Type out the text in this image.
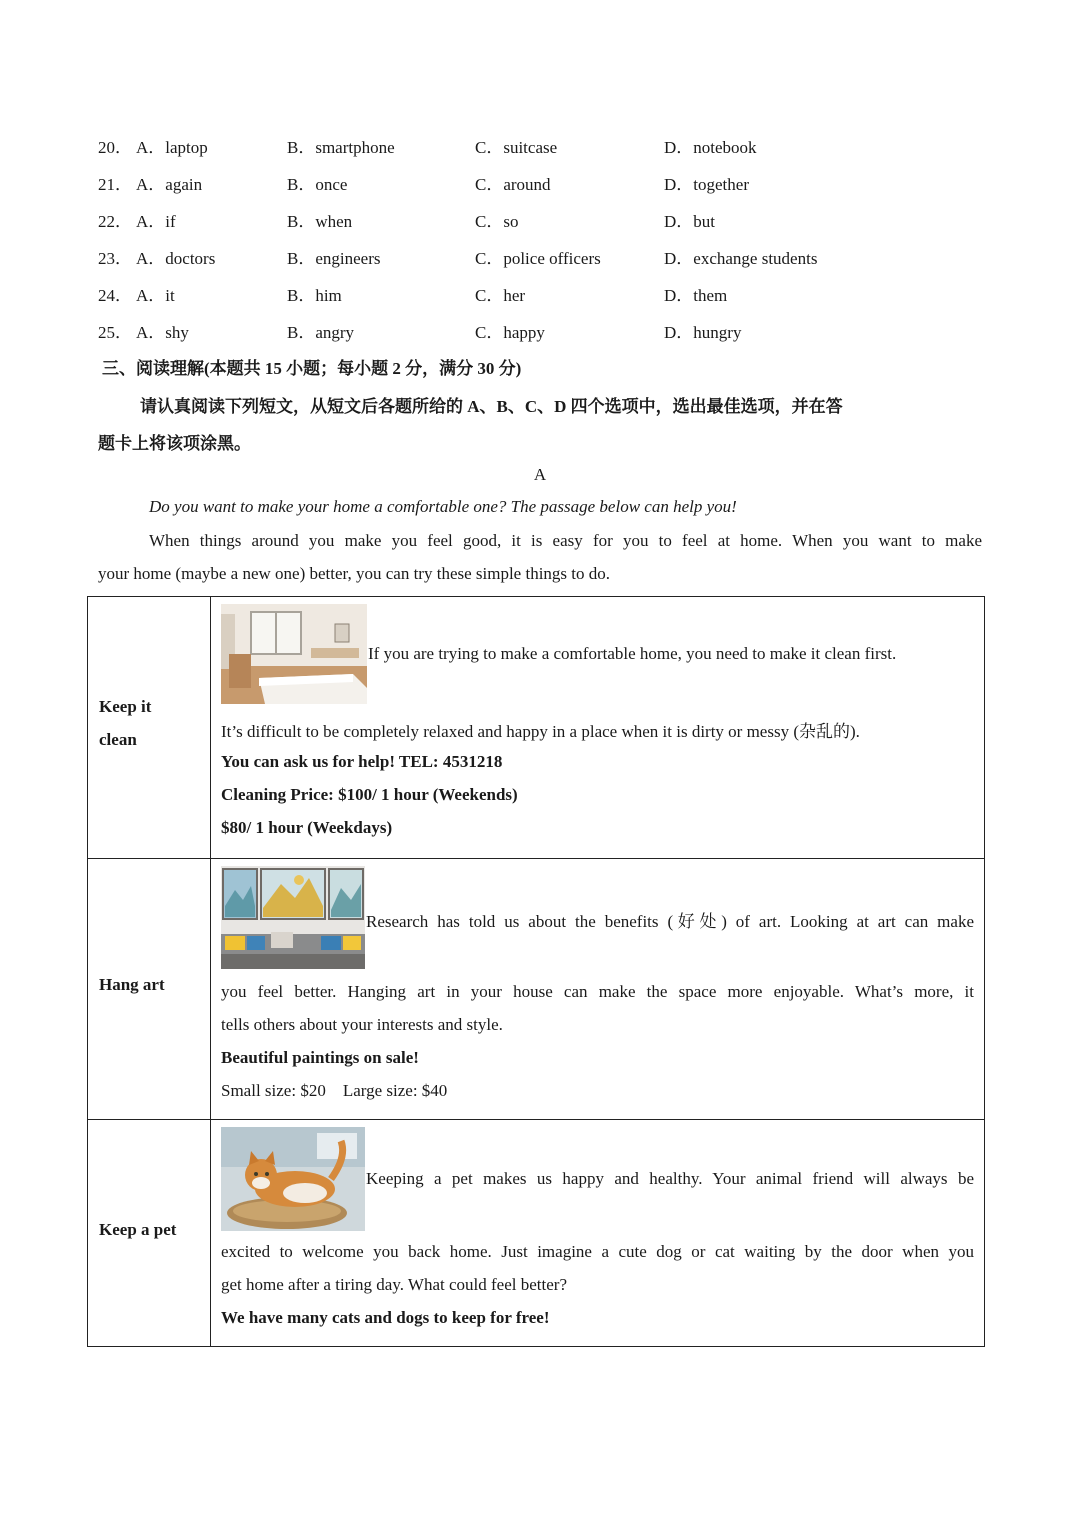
20． A．laptop	B．smartphone	C．suitcase	D．notebook
21． A．again	B．once	C．around	D．together
22． A．if	B．when	C．so	D．but
23． A．doctors	B．engineers	C．police officers	D．exchange students
24． A．it	B．him	C．her	D．them
25． A．shy	B．angry	C．happy	D．hungry
三、阅读理解(本题共 15 小题；每小题 2 分，满分 30 分)
请认真阅读下列短文，从短文后各题所给的 A、B、C、D 四个选项中，选出最佳选项，并在答
题卡上将该项涂黑。
A
Do you want to make your home a comfortable one? The passage below can help you!
When things around you make you feel good, it is easy for you to feel at home. When you want to make
your home (maybe a new one) better, you can try these simple things to do.
Keep it
clean
If you are trying to make a comfortable home, you need to make it clean first.
It’s difficult to be completely relaxed and happy in a place when it is dirty or messy (杂乱的).
You can ask us for help! TEL: 4531218
Cleaning Price: $100/ 1 hour (Weekends)
$80/ 1 hour (Weekdays)
Hang art
Research has told us about the benefits (好处) of art. Looking at art can make
you feel better. Hanging art in your house can make the space more enjoyable. What’s more, it
tells others about your interests and style.
Beautiful paintings on sale!
Small size: $20    Large size: $40
Keep a pet
Keeping a pet makes us happy and healthy. Your animal friend will always be
excited to welcome you back home. Just imagine a cute dog or cat waiting by the door when you
get home after a tiring day. What could feel better?
We have many cats and dogs to keep for free!
